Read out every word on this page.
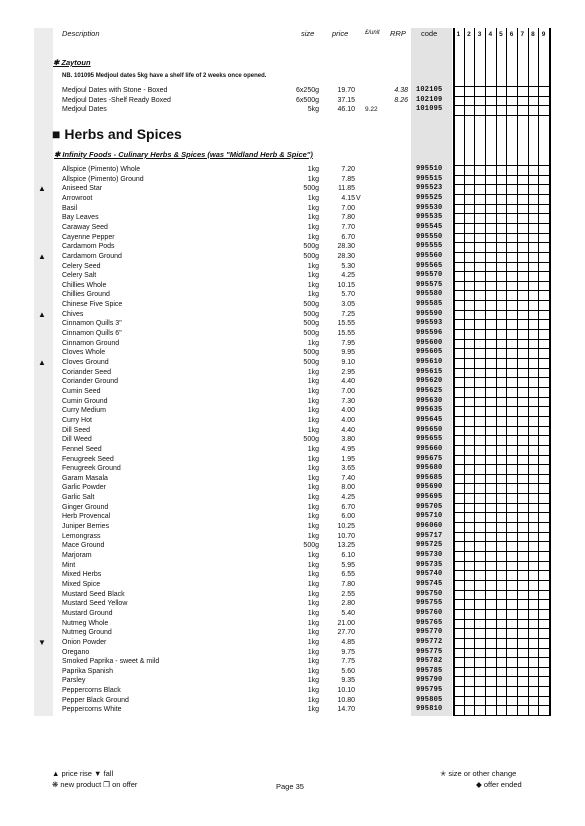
Description	size price	£/unit RRP code	1	2	3	4	5	6	7	8	9
✱ Zaytoun
NB. 101095 Medjoul dates 5kg have a shelf life of 2 weeks once opened.
Medjoul Dates with Stone - Boxed	6x250g	19.70	4.38 102105
Medjoul Dates -Shelf Ready Boxed	6x500g	37.15	8.26 102109
Medjoul Dates	5kg	46.10 9.22	101095
■ Herbs and Spices
✱ Infinity Foods - Culinary Herbs & Spices (was "Midland Herb & Spice")
Allspice (Pimento) Whole	1kg	7.20	995510
Allspice (Pimento) Ground	1kg	7.85	995515
▲ Aniseed Star	500g	11.85	995523
Arrowroot	1kg	4.15 V	995525
Basil	1kg	7.00	995530
Bay Leaves	1kg	7.80	995535
Caraway Seed	1kg	7.70	995545
Cayenne Pepper	1kg	6.70	995550
Cardamom Pods	500g	28.30	995555
▲ Cardamom Ground	500g	28.30	995560
Celery Seed	1kg	5.30	995565
Celery Salt	1kg	4.25	995570
Chillies Whole	1kg	10.15	995575
Chillies Ground	1kg	5.70	995580
Chinese Five Spice	500g	3.05	995585
▲ Chives	500g	7.25	995590
Cinnamon Quills 3"	500g	15.55	995593
Cinnamon Quills 6"	500g	15.55	995596
Cinnamon Ground	1kg	7.95	995600
Cloves Whole	500g	9.95	995605
▲ Cloves Ground	500g	9.10	995610
Coriander Seed	1kg	2.95	995615
Coriander Ground	1kg	4.40	995620
Cumin Seed	1kg	7.00	995625
Cumin Ground	1kg	7.30	995630
Curry Medium	1kg	4.00	995635
Curry Hot	1kg	4.00	995645
Dill Seed	1kg	4.40	995650
Dill Weed	500g	3.80	995655
Fennel Seed	1kg	4.95	995660
Fenugreek Seed	1kg	1.95	995675
Fenugreek Ground	1kg	3.65	995680
Garam Masala	1kg	7.40	995685
Garlic Powder	1kg	8.00	995690
Garlic Salt	1kg	4.25	995695
Ginger Ground	1kg	6.70	995705
Herb Provencal	1kg	6.00	995710
Juniper Berries	1kg	10.25	996060
Lemongrass	1kg	10.70	995717
Mace Ground	500g	13.25	995725
Marjoram	1kg	6.10	995730
Mint	1kg	5.95	995735
Mixed Herbs	1kg	6.55	995740
Mixed Spice	1kg	7.80	995745
Mustard Seed Black	1kg	2.55	995750
Mustard Seed Yellow	1kg	2.80	995755
Mustard Ground	1kg	5.40	995760
Nutmeg Whole	1kg	21.00	995765
Nutmeg Ground	1kg	27.70	995770
▼ Onion Powder	1kg	4.85	995772
Oregano	1kg	9.75	995775
Smoked Paprika - sweet & mild	1kg	7.75	995782
Paprika Spanish	1kg	5.60	995785
Parsley	1kg	9.35	995790
Peppercorns Black	1kg	10.10	995795
Pepper Black Ground	1kg	10.80	995805
Peppercorns White	1kg	14.70	995810
▲ price rise ▼ fall
❋ new product ❐ on offer	Page 35
✭ size or other change
◆ offer ended
